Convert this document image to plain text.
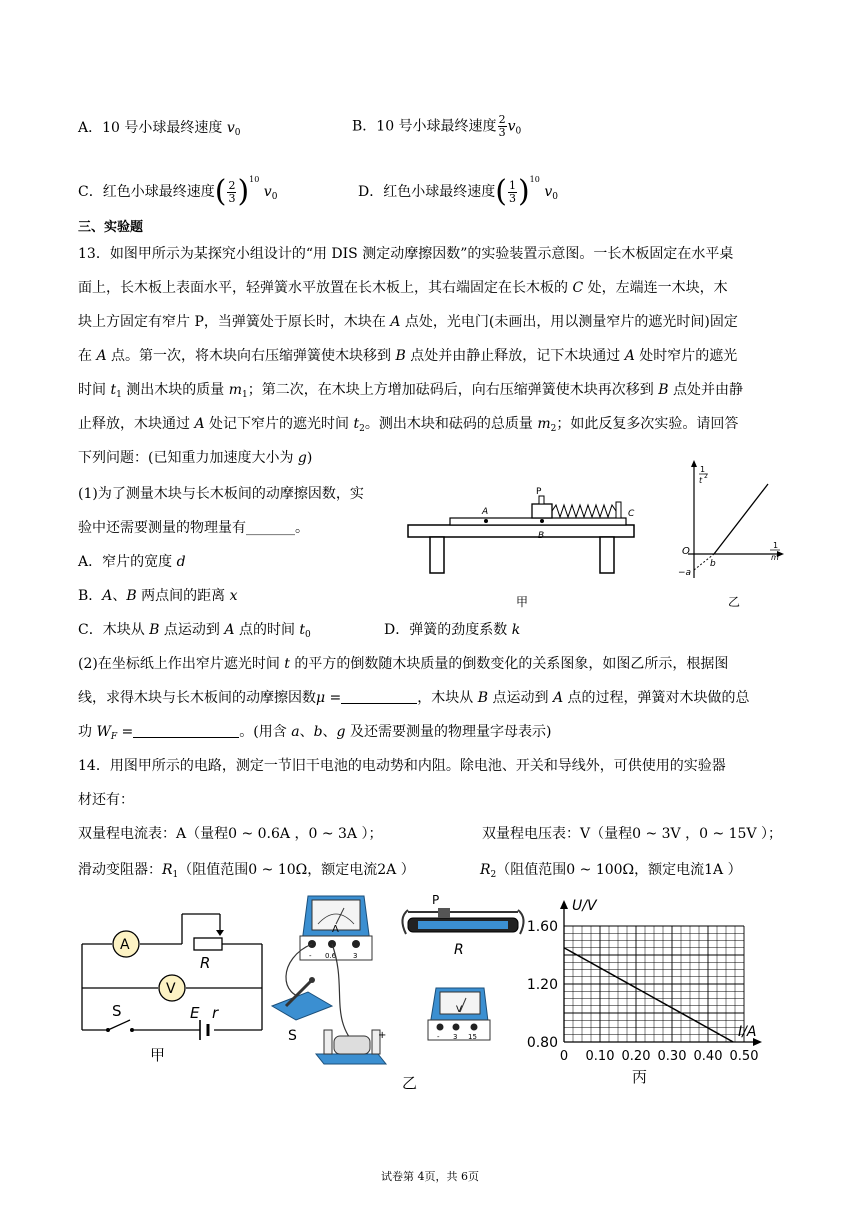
A．10 号小球最终速度 $v_0$	B．10 号小球最终速度 $\frac{2}{3} v_0$
C．红色小球最终速度( $\frac{2}{3} )^{10}$ $v_0$	D．红色小球最终速度( $\frac{1}{3} )^{10}$ $v_0$
三、实验题
13．如图甲所示为某探究小组设计的“用 DIS 测定动摩擦因数”的实验装置示意图。一长木板固定在水平桌
面上，长木板上表面水平，轻弹簧水平放置在长木板上，其右端固定在长木板的 C 处，左端连一木块，木
块上方固定有窄片 P，当弹簧处于原长时，木块在 A 点处，光电门(未画出，用以测量窄片的遮光时间)固定
在 A 点。第一次，将木块向右压缩弹簧使木块移到 B 点处并由静止释放，记下木块通过 A 处时窄片的遮光
时间 $t_1$ 测出木块的质量 $m_1$；第二次，在木块上方增加砝码后，向右压缩弹簧使木块再次移到 B 点处并由静
止释放，木块通过 A 处记下窄片的遮光时间 $t_2$。测出木块和砝码的总质量 $m_2$；如此反复多次实验。请回答
下列问题：(已知重力加速度大小为 g)
(1)为了测量木块与长木板间的动摩擦因数，实
验中还需要测量的物理量有_______。
A．窄片的宽度 d
B．A、B 两点间的距离 x
C．木块从 B 点运动到 A 点的时间 $t_0$	D．弹簧的劲度系数 k
(2)在坐标纸上作出窄片遮光时间 t 的平方的倒数随木块质量的倒数变化的关系图象，如图乙所示，根据图
线，求得木块与长木板间的动摩擦因数μ =	，木块从 B 点运动到 A 点的过程，弹簧对木块做的总
功 $W_F$ =	。(用含 a、b、g 及还需要测量的物理量字母表示)
A
B
C
P
甲
1
t 2
1
m
O
b
−a
乙
14．用图甲所示的电路，测定一节旧干电池的电动势和内阻。除电池、开关和导线外，可供使用的实验器
材还有：
双量程电流表：A（量程0 ~ 0.6A ，0 ~ 3A ）；	双量程电压表：V（量程0 ~ 3V ，0 ~ 15V ）；
滑动变阻器：$R_1$（阻值范围0 ~ 10Ω，额定电流2A ）	$R_2$（阻值范围0 ~ 100Ω，额定电流1A ）
A
V
R
S	E r
甲
A
- 0.6 3
S	+
P
R
V
- 3 15
乙
1.60
1.20
0.80
0 0.10 0.20 0.30 0.40 0.50
U/V
I/A
丙
试卷第 4页，共 6页
